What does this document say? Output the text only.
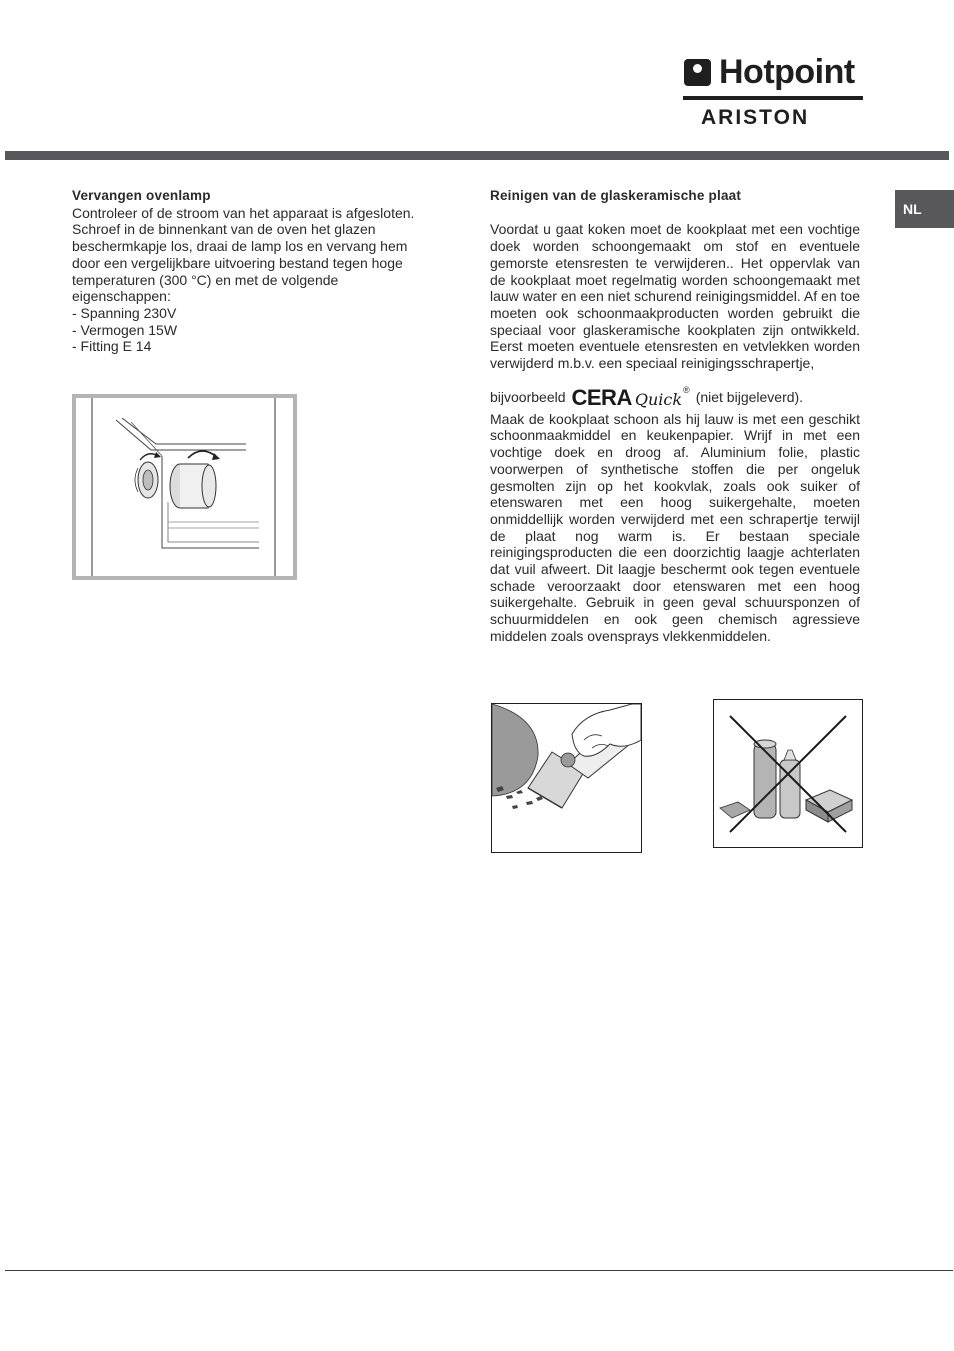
Hotpoint
ARISTON
NL
Vervangen ovenlamp

Controleer of de stroom van het apparaat is afgesloten.

Schroef in de binnenkant van de oven het glazen

beschermkapje los, draai de lamp los en vervang hem

door een vergelijkbare uitvoering bestand tegen hoge

temperaturen (300 °C) en met de volgende

eigenschappen:

- Spanning 230V

- Vermogen 15W

- Fitting E 14

Reinigen van de glaskeramische plaat

Voordat u gaat koken moet de kookplaat met een vochtige doek worden schoongemaakt om stof en eventuele gemorste etensresten te verwijderen.. Het oppervlak van de kookplaat moet regelmatig worden schoongemaakt met lauw water en een niet schurend reinigingsmiddel. Af en toe moeten ook schoonmaakproducten worden gebruikt die speciaal voor glaskeramische kookplaten zijn ontwikkeld. Eerst moeten eventuele etensresten en vetvlekken worden verwijderd m.b.v. een speciaal reinigingsschrapertje,

bijvoorbeeld CERA Quick ® (niet bijgeleverd).

Maak de kookplaat schoon als hij lauw is met een geschikt schoonmaakmiddel en keukenpapier. Wrijf in met een vochtige doek en droog af. Aluminium folie, plastic voorwerpen of synthetische stoffen die per ongeluk gesmolten zijn op het kookvlak, zoals ook suiker of etenswaren met een hoog suikergehalte, moeten onmiddellijk worden verwijderd met een schrapertje terwijl de plaat nog warm is. Er bestaan speciale reinigingsproducten die een doorzichtig laagje achterlaten dat vuil afweert. Dit laagje beschermt ook tegen eventuele schade veroorzaakt door etenswaren met een hoog suikergehalte. Gebruik in geen geval schuursponzen of schuurmiddelen en ook geen chemisch agressieve middelen zoals ovensprays vlekkenmiddelen.
